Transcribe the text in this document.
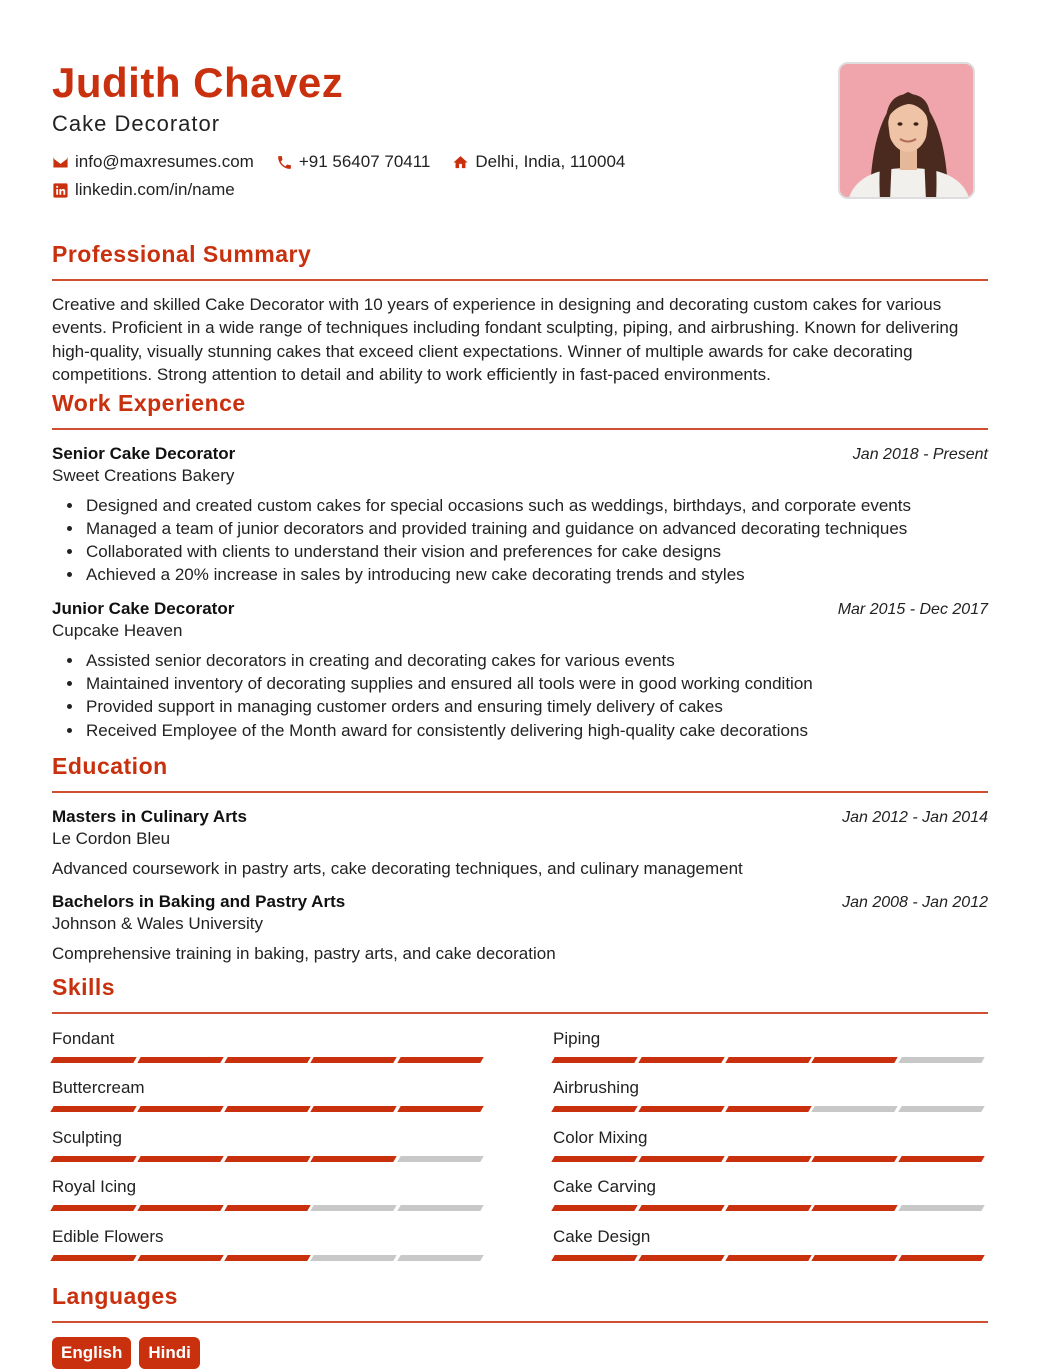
Judith Chavez
Cake Decorator
info@maxresumes.com	+91 56407 70411	Delhi, India, 110004
linkedin.com/in/name
Professional Summary
Creative and skilled Cake Decorator with 10 years of experience in designing and decorating custom cakes for various events. Proficient in a wide range of techniques including fondant sculpting, piping, and airbrushing. Known for delivering high-quality, visually stunning cakes that exceed client expectations. Winner of multiple awards for cake decorating competitions. Strong attention to detail and ability to work efficiently in fast-paced environments.
Work Experience
Senior Cake Decorator	Jan 2018 - Present
Sweet Creations Bakery
• Designed and created custom cakes for special occasions such as weddings, birthdays, and corporate events
• Managed a team of junior decorators and provided training and guidance on advanced decorating techniques
• Collaborated with clients to understand their vision and preferences for cake designs
• Achieved a 20% increase in sales by introducing new cake decorating trends and styles
Junior Cake Decorator	Mar 2015 - Dec 2017
Cupcake Heaven
• Assisted senior decorators in creating and decorating cakes for various events
• Maintained inventory of decorating supplies and ensured all tools were in good working condition
• Provided support in managing customer orders and ensuring timely delivery of cakes
• Received Employee of the Month award for consistently delivering high-quality cake decorations
Education
Masters in Culinary Arts	Jan 2012 - Jan 2014
Le Cordon Bleu
Advanced coursework in pastry arts, cake decorating techniques, and culinary management
Bachelors in Baking and Pastry Arts	Jan 2008 - Jan 2012
Johnson & Wales University
Comprehensive training in baking, pastry arts, and cake decoration
Skills
Fondant	Piping
Buttercream	Airbrushing
Sculpting	Color Mixing
Royal Icing	Cake Carving
Edible Flowers	Cake Design
Languages
English	Hindi
